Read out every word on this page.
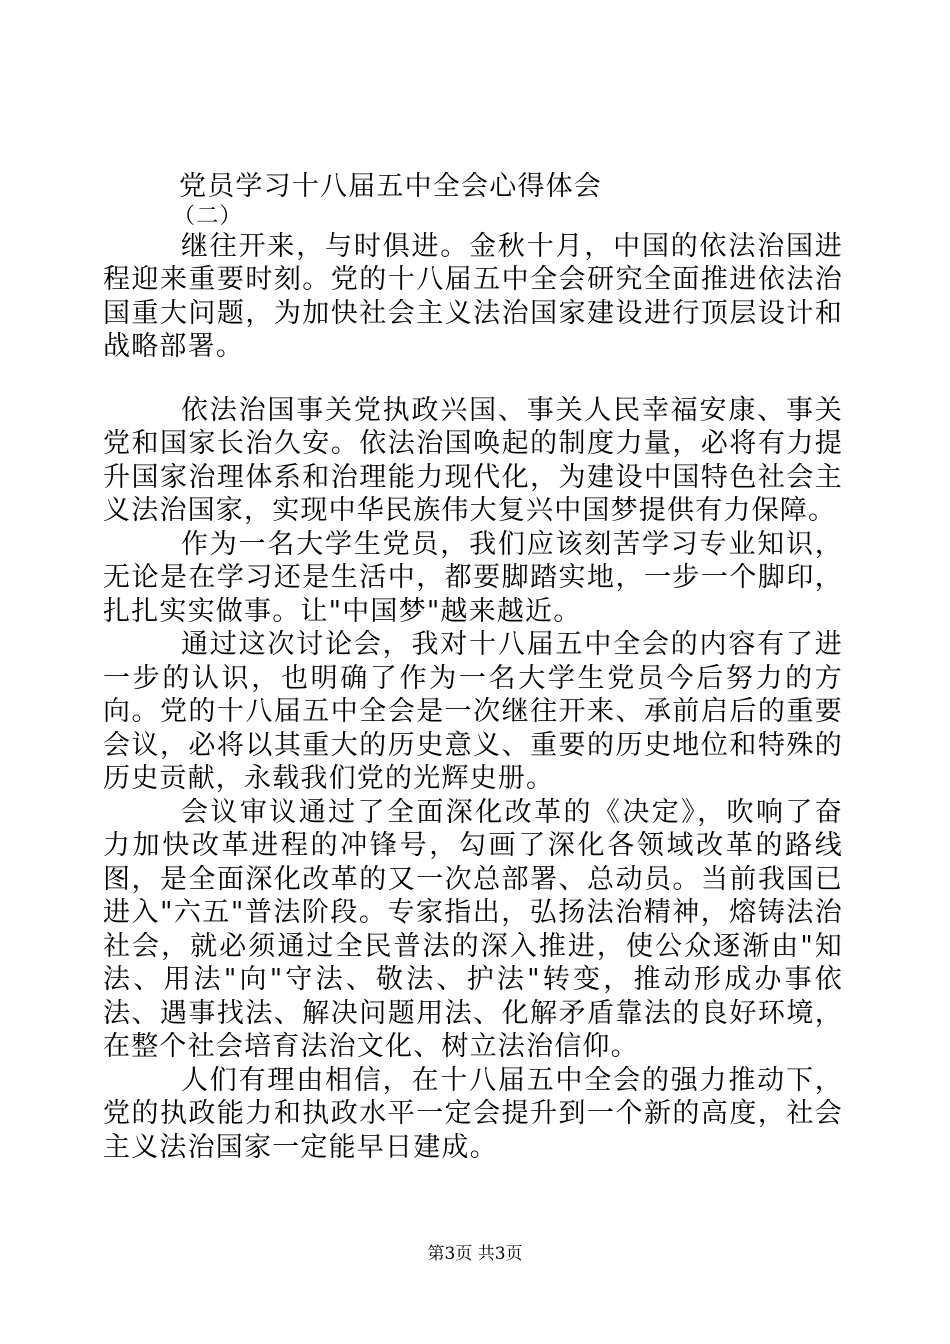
党员学习十八届五中全会心得体会
（二）

继往开来，与时俱进。金秋十月，中国的依法治国进程迎来重要时刻。党的十八届五中全会研究全面推进依法治国重大问题，为加快社会主义法治国家建设进行顶层设计和战略部署。

依法治国事关党执政兴国、事关人民幸福安康、事关党和国家长治久安。依法治国唤起的制度力量，必将有力提升国家治理体系和治理能力现代化，为建设中国特色社会主义法治国家，实现中华民族伟大复兴中国梦提供有力保障。

作为一名大学生党员，我们应该刻苦学习专业知识，无论是在学习还是生活中，都要脚踏实地，一步一个脚印，扎扎实实做事。让"中国梦"越来越近。

通过这次讨论会，我对十八届五中全会的内容有了进一步的认识，也明确了作为一名大学生党员今后努力的方向。党的十八届五中全会是一次继往开来、承前启后的重要会议，必将以其重大的历史意义、重要的历史地位和特殊的历史贡献，永载我们党的光辉史册。

会议审议通过了全面深化改革的《决定》，吹响了奋力加快改革进程的冲锋号，勾画了深化各领域改革的路线图，是全面深化改革的又一次总部署、总动员。当前我国已进入"六五"普法阶段。专家指出，弘扬法治精神，熔铸法治社会，就必须通过全民普法的深入推进，使公众逐渐由"知法、用法"向"守法、敬法、护法"转变，推动形成办事依法、遇事找法、解决问题用法、化解矛盾靠法的良好环境，在整个社会培育法治文化、树立法治信仰。

人们有理由相信，在十八届五中全会的强力推动下，党的执政能力和执政水平一定会提升到一个新的高度，社会主义法治国家一定能早日建成。

第3页 共3页
